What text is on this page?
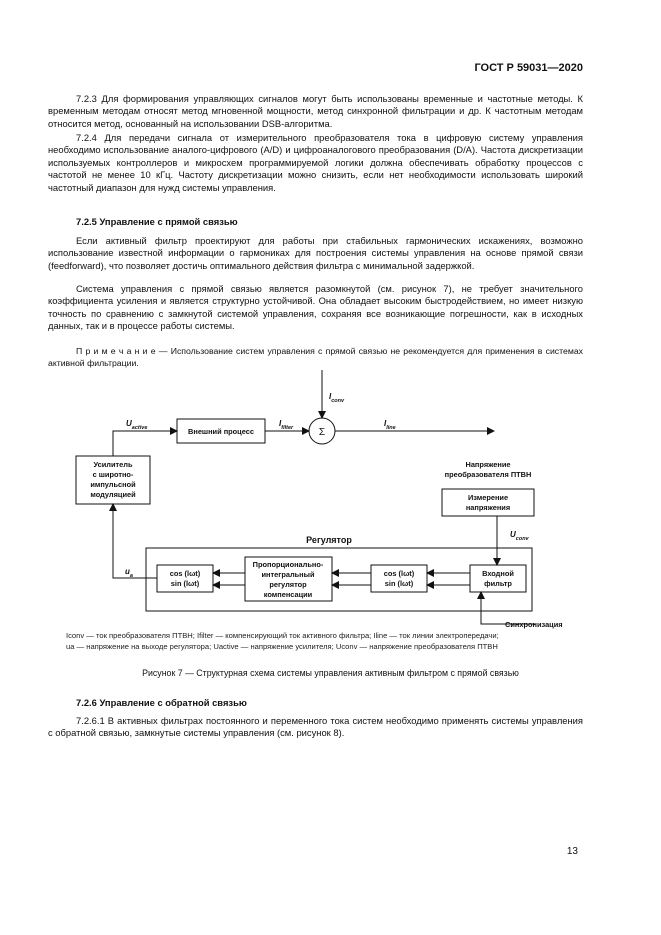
ГОСТ Р 59031—2020
7.2.3 Для формирования управляющих сигналов могут быть использованы временные и частотные методы. К временным методам относят метод мгновенной мощности, метод синхронной фильтрации и др. К частотным методам относится метод, основанный на использовании DSB-алгоритма.
7.2.4 Для передачи сигнала от измерительного преобразователя тока в цифровую систему управления необходимо использование аналого-цифрового (A/D) и цифроаналогового преобразования (D/A). Частота дискретизации используемых контроллеров и микросхем программируемой логики должна обеспечивать обработку процессов с частотой не менее 10 кГц. Частоту дискретизации можно снизить, если нет необходимости использовать широкий частотный диапазон для нужд системы управления.
7.2.5 Управление с прямой связью
Если активный фильтр проектируют для работы при стабильных гармонических искажениях, возможно использование известной информации о гармониках для построения системы управления на основе прямой связи (feedforward), что позволяет достичь оптимального действия фильтра с минимальной задержкой.
Система управления с прямой связью является разомкнутой (см. рисунок 7), не требует значительного коэффициента усиления и является структурно устойчивой. Она обладает высоким быстродействием, но имеет низкую точность по сравнению с замкнутой системой управления, сохраняя все возникающие погрешности, как в исходных данных, так и в процессе работы системы.
П р и м е ч а н и е — Использование систем управления с прямой связью не рекомендуется для применения в системах активной фильтрации.
Внешний процесс	Σ
Усилитель
с широтно-
импульсной
модуляцией
Напряжение
преобразователя ПТВН
Измерение
напряжения
Регулятор
Входной
фильтр
cos (lωt)
sin (lωt)
Пропорционально-
интегральный
регулятор
компенсации
cos (lωt)
sin (lωt)
Синхронизация
$I_{conv}$
$I_{filter}$	$I_{line}$
$U_{active}$
$u_a$
$U_{conv}$
Iconv — ток преобразователя ПТВН; Ifilter — компенсирующий ток активного фильтра; Iline — ток линии электропередачи;
ua — напряжение на выходе регулятора; Uactive — напряжение усилителя; Uconv — напряжение преобразователя ПТВН
Рисунок 7 — Структурная схема системы управления активным фильтром с прямой связью
7.2.6 Управление с обратной связью
7.2.6.1 В активных фильтрах постоянного и переменного тока систем необходимо применять системы управления с обратной связью, замкнутые системы управления (см. рисунок 8).
13
